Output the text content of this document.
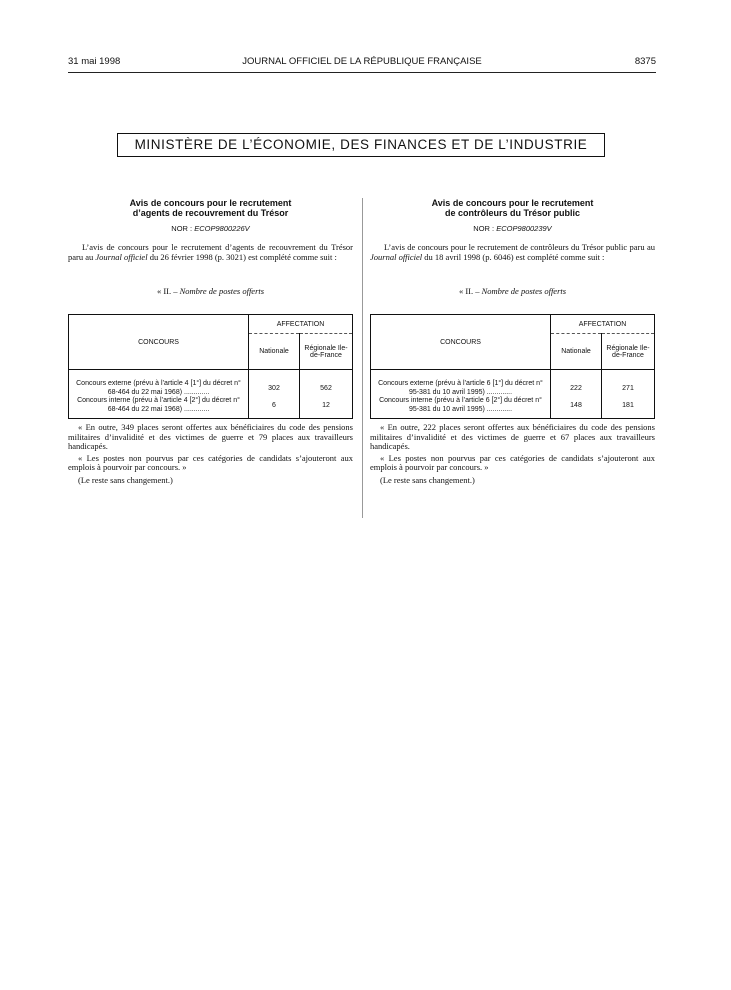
31 mai 1998	JOURNAL OFFICIEL DE LA RÉPUBLIQUE FRANÇAISE	8375
MINISTÈRE DE L’ÉCONOMIE, DES FINANCES ET DE L’INDUSTRIE
Avis de concours pour le recrutement
d’agents de recouvrement du Trésor
NOR : ECOP9800226V
L’avis de concours pour le recrutement d’agents de recouvrement du Trésor paru au Journal officiel du 26 février 1998 (p. 3021) est complété comme suit :
« II. – Nombre de postes offerts
CONCOURS	AFFECTATION	
	Nationale	Régionale Ile-de-France
Concours externe (prévu à l’article 4 [1°] du décret n° 68-464 du 22 mai 1968) .............	302	562
Concours interne (prévu à l’article 4 [2°] du décret n° 68-464 du 22 mai 1968) .............	6	12
« En outre, 349 places seront offertes aux bénéficiaires du code des pensions militaires d’invalidité et des victimes de guerre et 79 places aux travailleurs handicapés.
« Les postes non pourvus par ces catégories de candidats s’ajouteront aux emplois à pourvoir par concours. »
(Le reste sans changement.)
Avis de concours pour le recrutement
de contrôleurs du Trésor public
NOR : ECOP9800239V
L’avis de concours pour le recrutement de contrôleurs du Trésor public paru au Journal officiel du 18 avril 1998 (p. 6046) est complété comme suit :
« II. – Nombre de postes offerts
CONCOURS	AFFECTATION	
	Nationale	Régionale Ile-de-France
Concours externe (prévu à l’article 6 [1°] du décret n° 95-381 du 10 avril 1995) .............	222	271
Concours interne (prévu à l’article 6 [2°] du décret n° 95-381 du 10 avril 1995) .............	148	181
« En outre, 222 places seront offertes aux bénéficiaires du code des pensions militaires d’invalidité et des victimes de guerre et 67 places aux travailleurs handicapés.
« Les postes non pourvus par ces catégories de candidats s’ajouteront aux emplois à pourvoir par concours. »
(Le reste sans changement.)
